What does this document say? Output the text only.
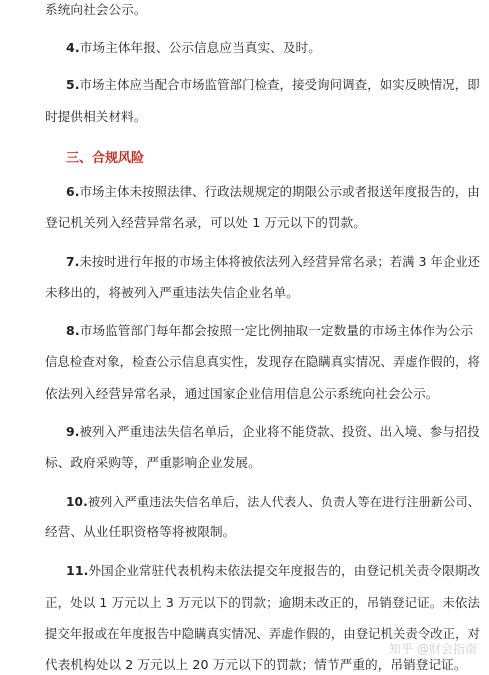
系统向社会公示。
4.市场主体年报、公示信息应当真实、及时。
5.市场主体应当配合市场监管部门检查，接受询问调查，如实反映情况，即
时提供相关材料。
三、合规风险
6.市场主体未按照法律、行政法规规定的期限公示或者报送年度报告的，由
登记机关列入经营异常名录，可以处 1 万元以下的罚款。
7.未按时进行年报的市场主体将被依法列入经营异常名录；若满 3 年企业还
未移出的，将被列入严重违法失信企业名单。
8.市场监管部门每年都会按照一定比例抽取一定数量的市场主体作为公示
信息检查对象，检查公示信息真实性，发现存在隐瞒真实情况、弄虚作假的，将
依法列入经营异常名录，通过国家企业信用信息公示系统向社会公示。
9.被列入严重违法失信名单后，企业将不能贷款、投资、出入境、参与招投
标、政府采购等，严重影响企业发展。
10.被列入严重违法失信名单后，法人代表人、负责人等在进行注册新公司、
经营、从业任职资格等将被限制。
11.外国企业常驻代表机构未依法提交年度报告的，由登记机关责令限期改
正，处以 1 万元以上 3 万元以下的罚款；逾期未改正的，吊销登记证。未依法
提交年报或在年度报告中隐瞒真实情况、弄虚作假的，由登记机关责令改正，对
代表机构处以 2 万元以上 20 万元以下的罚款；情节严重的，吊销登记证。
知乎 @财会指南
